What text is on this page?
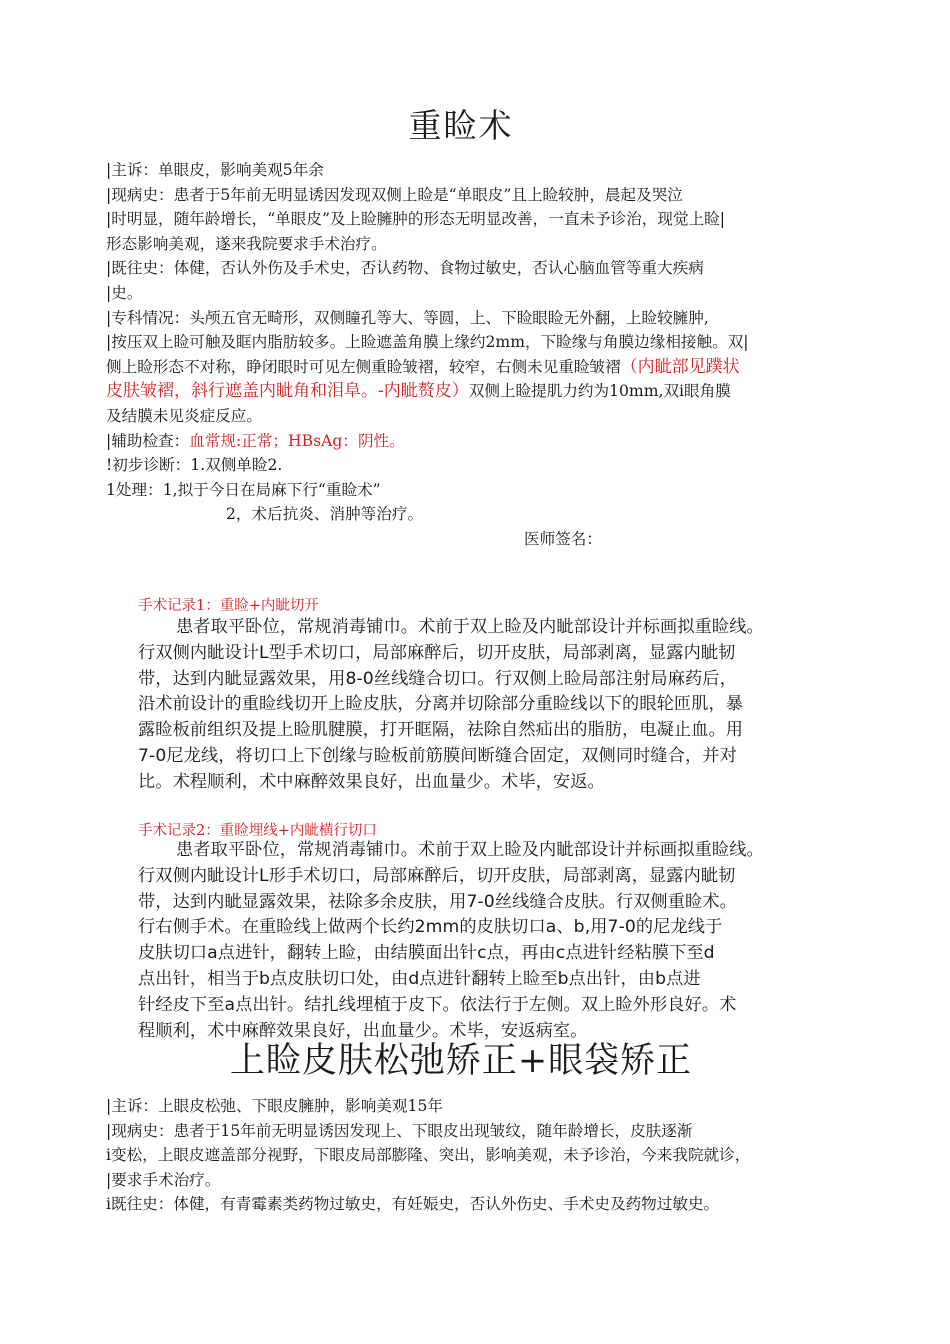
重睑术

|主诉：单眼皮，影响美观5年余

|现病史：患者于5年前无明显诱因发现双侧上睑是“单眼皮”且上睑较肿，晨起及哭泣

|时明显，随年龄增长，“单眼皮”及上睑臃肿的形态无明显改善，一直未予诊治，现觉上睑|

形态影响美观，遂来我院要求手术治疗。

|既往史：体健，否认外伤及手术史，否认药物、食物过敏史，否认心脑血管等重大疾病

|史。

|专科情况：头颅五官无畸形，双侧瞳孔等大、等圆，上、下睑眼睑无外翻，上睑较臃肿,

|按压双上睑可触及眶内脂肪较多。上睑遮盖角膜上缘约2mm，下睑缘与角膜边缘相接触。双|

侧上睑形态不对称，睁闭眼时可见左侧重睑皱褶，较窄，右侧未见重睑皱褶（内眦部见蹼状

皮肤皱褶，斜行遮盖内眦角和泪阜。-内眦赘皮）双侧上睑提肌力约为10mm,双i眼角膜

及结膜未见炎症反应。

|辅助检查：血常规:正常；HBsAg：阴性。

!初步诊断：1.双侧单睑2.

1处理：1,拟于今日在局麻下行“重睑术”

2，术后抗炎、消肿等治疗。

医师签名：

手术记录1：重睑+内眦切开

患者取平卧位，常规消毒铺巾。术前于双上睑及内眦部设计并标画拟重睑线。

行双侧内眦设计L型手术切口，局部麻醉后，切开皮肤，局部剥离，显露内眦韧

带，达到内眦显露效果，用8-0丝线缝合切口。行双侧上睑局部注射局麻药后，

沿术前设计的重睑线切开上睑皮肤，分离并切除部分重睑线以下的眼轮匝肌，暴

露睑板前组织及提上睑肌腱膜，打开眶隔，祛除自然疝出的脂肪，电凝止血。用

7-0尼龙线，将切口上下创缘与睑板前筋膜间断缝合固定，双侧同时缝合，并对

比。术程顺利，术中麻醉效果良好，出血量少。术毕，安返。

手术记录2：重睑埋线+内眦横行切口

患者取平卧位，常规消毒铺巾。术前于双上睑及内眦部设计并标画拟重睑线。

行双侧内眦设计L形手术切口，局部麻醉后，切开皮肤，局部剥离，显露内眦韧

带，达到内眦显露效果，祛除多余皮肤，用7-0丝线缝合皮肤。行双侧重睑术。

行右侧手术。在重睑线上做两个长约2mm的皮肤切口a、b,用7-0的尼龙线于

皮肤切口a点进针，翻转上睑，由结膜面出针c点，再由c点进针经粘膜下至d

点出针，相当于b点皮肤切口处，由d点进针翻转上睑至b点出针，由b点进

针经皮下至a点出针。结扎线埋植于皮下。依法行于左侧。双上睑外形良好。术

程顺利，术中麻醉效果良好，出血量少。术毕，安返病室。

上睑皮肤松弛矫正+眼袋矫正

|主诉：上眼皮松弛、下眼皮臃肿，影响美观15年

|现病史：患者于15年前无明显诱因发现上、下眼皮出现皱纹，随年龄增长，皮肤逐渐

i变松，上眼皮遮盖部分视野，下眼皮局部膨隆、突出，影响美观，未予诊治，今来我院就诊，

|要求手术治疗。

i既往史：体健，有青霉素类药物过敏史，有妊娠史，否认外伤史、手术史及药物过敏史。
